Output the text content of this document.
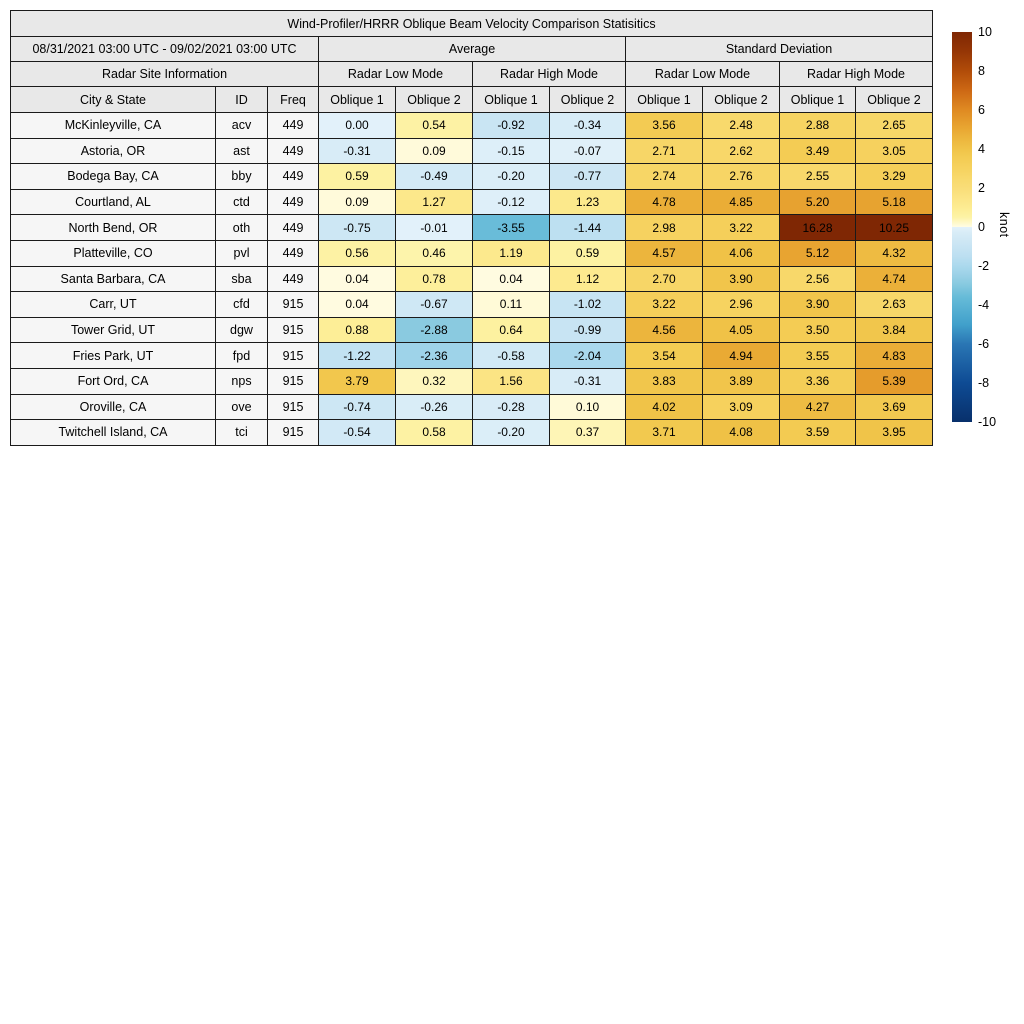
Wind-Profiler/HRRR Oblique Beam Velocity Comparison Statisitics										
08/31/2021 03:00 UTC - 09/02/2021 03:00 UTC			Average				Standard Deviation			
Radar Site Information			Radar Low Mode		Radar High Mode		Radar Low Mode		Radar High Mode	
City & State	ID	Freq	Oblique 1	Oblique 2	Oblique 1	Oblique 2	Oblique 1	Oblique 2	Oblique 1	Oblique 2
McKinleyville, CA	acv	449	0.00	0.54	-0.92	-0.34	3.56	2.48	2.88	2.65
Astoria, OR	ast	449	-0.31	0.09	-0.15	-0.07	2.71	2.62	3.49	3.05
Bodega Bay, CA	bby	449	0.59	-0.49	-0.20	-0.77	2.74	2.76	2.55	3.29
Courtland, AL	ctd	449	0.09	1.27	-0.12	1.23	4.78	4.85	5.20	5.18
North Bend, OR	oth	449	-0.75	-0.01	-3.55	-1.44	2.98	3.22	16.28	10.25
Platteville, CO	pvl	449	0.56	0.46	1.19	0.59	4.57	4.06	5.12	4.32
Santa Barbara, CA	sba	449	0.04	0.78	0.04	1.12	2.70	3.90	2.56	4.74
Carr, UT	cfd	915	0.04	-0.67	0.11	-1.02	3.22	2.96	3.90	2.63
Tower Grid, UT	dgw	915	0.88	-2.88	0.64	-0.99	4.56	4.05	3.50	3.84
Fries Park, UT	fpd	915	-1.22	-2.36	-0.58	-2.04	3.54	4.94	3.55	4.83
Fort Ord, CA	nps	915	3.79	0.32	1.56	-0.31	3.83	3.89	3.36	5.39
Oroville, CA	ove	915	-0.74	-0.26	-0.28	0.10	4.02	3.09	4.27	3.69
Twitchell Island, CA	tci	915	-0.54	0.58	-0.20	0.37	3.71	4.08	3.59	3.95
10
8
6
4
2
0
-2
-4
-6
-8
-10
knot
